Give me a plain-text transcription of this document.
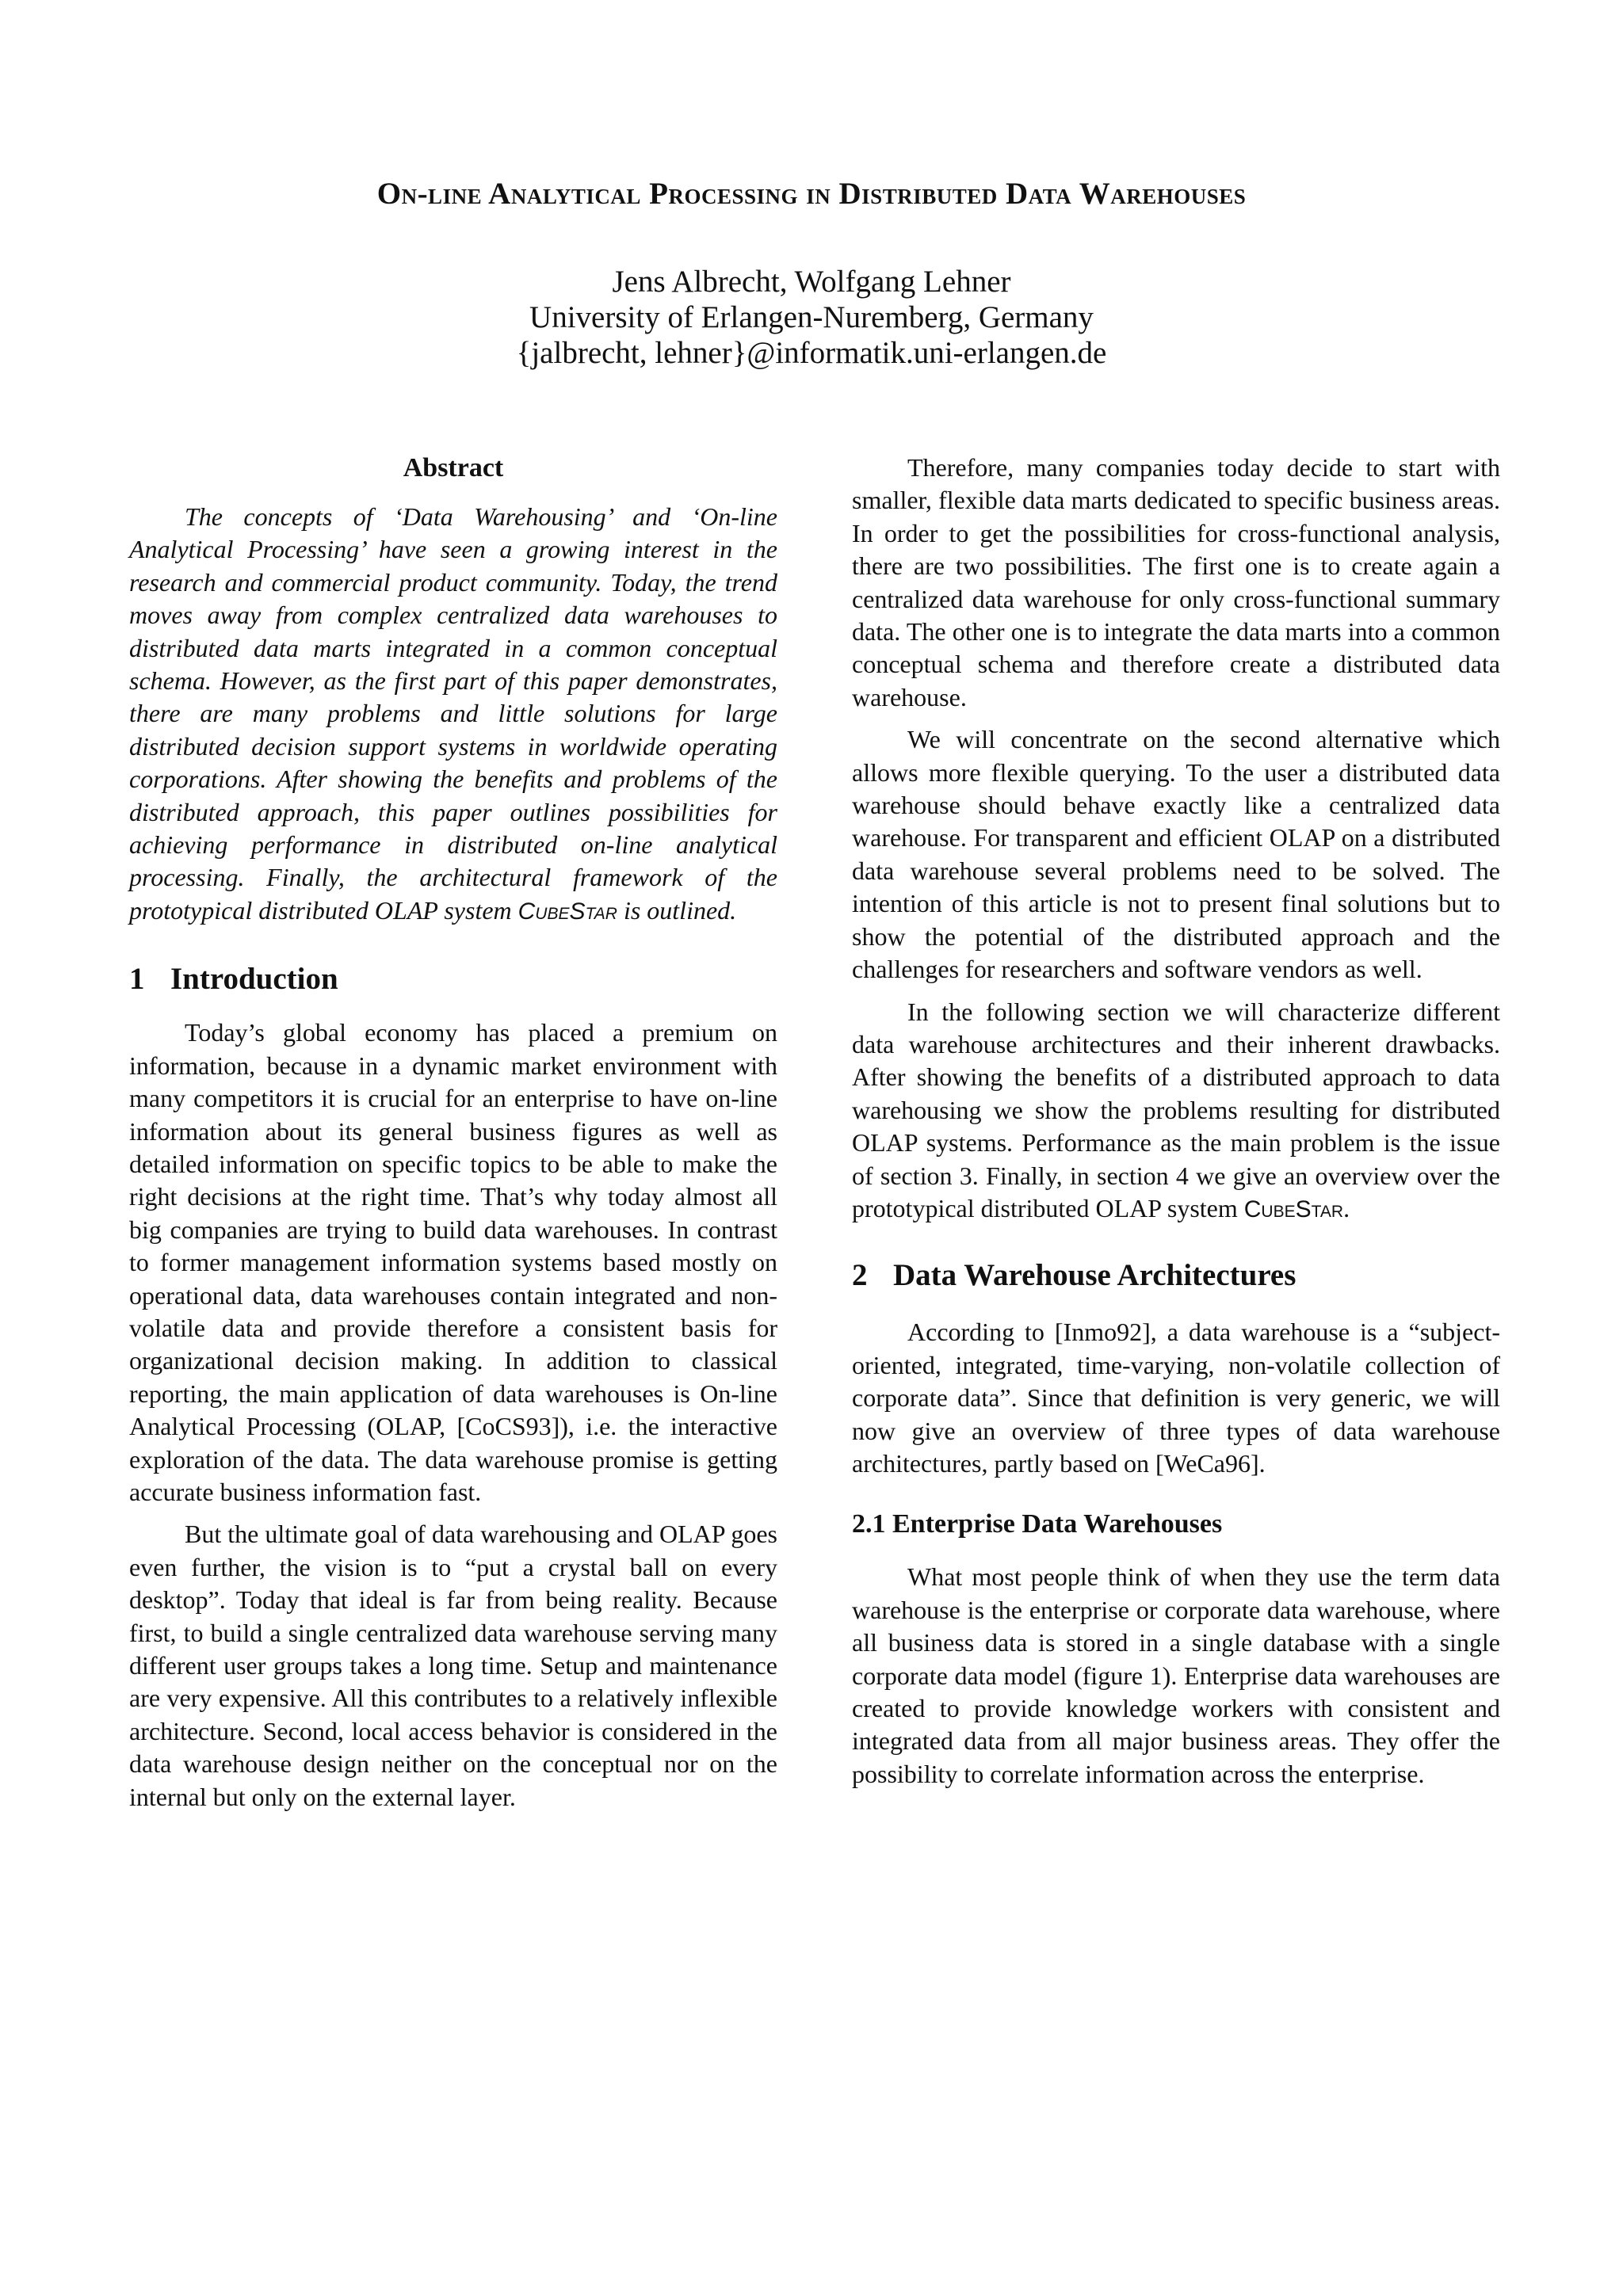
On-line Analytical Processing in Distributed Data Warehouses
Jens Albrecht, Wolfgang Lehner
University of Erlangen-Nuremberg, Germany
{jalbrecht, lehner}@informatik.uni-erlangen.de
Abstract

The concepts of ‘Data Warehousing’ and ‘On-line Analytical Processing’ have seen a growing interest in the research and commercial product community. Today, the trend moves away from complex centralized data warehouses to distributed data marts integrated in a common conceptual schema. However, as the first part of this paper demonstrates, there are many problems and little solutions for large distributed decision support systems in worldwide operating corporations. After showing the benefits and problems of the distributed approach, this paper outlines possibilities for achieving performance in distributed on-line analytical processing. Finally, the architectural framework of the prototypical distributed OLAP system CubeStar is outlined.

1 Introduction

Today’s global economy has placed a premium on information, because in a dynamic market environment with many competitors it is crucial for an enterprise to have on-line information about its general business figures as well as detailed information on specific topics to be able to make the right decisions at the right time. That’s why today almost all big companies are trying to build data warehouses. In contrast to former management information systems based mostly on operational data, data warehouses contain integrated and non-volatile data and provide therefore a consistent basis for organizational decision making. In addition to classical reporting, the main application of data warehouses is On-line Analytical Processing (OLAP, [CoCS93]), i.e. the interactive exploration of the data. The data warehouse promise is getting accurate business information fast.

But the ultimate goal of data warehousing and OLAP goes even further, the vision is to “put a crystal ball on every desktop”. Today that ideal is far from being reality. Because first, to build a single centralized data warehouse serving many different user groups takes a long time. Setup and maintenance are very expensive. All this contributes to a relatively inflexible architecture. Second, local access behavior is considered in the data warehouse design neither on the conceptual nor on the internal but only on the external layer.

Therefore, many companies today decide to start with smaller, flexible data marts dedicated to specific business areas. In order to get the possibilities for cross-functional analysis, there are two possibilities. The first one is to create again a centralized data warehouse for only cross-functional summary data. The other one is to integrate the data marts into a common conceptual schema and therefore create a distributed data warehouse.

We will concentrate on the second alternative which allows more flexible querying. To the user a distributed data warehouse should behave exactly like a centralized data warehouse. For transparent and efficient OLAP on a distributed data warehouse several problems need to be solved. The intention of this article is not to present final solutions but to show the potential of the distributed approach and the challenges for researchers and software vendors as well.

In the following section we will characterize different data warehouse architectures and their inherent drawbacks. After showing the benefits of a distributed approach to data warehousing we show the problems resulting for distributed OLAP systems. Performance as the main problem is the issue of section 3. Finally, in section 4 we give an overview over the prototypical distributed OLAP system CubeStar.

2 Data Warehouse Architectures

According to [Inmo92], a data warehouse is a “subject-oriented, integrated, time-varying, non-volatile collection of corporate data”. Since that definition is very generic, we will now give an overview of three types of data warehouse architectures, partly based on [WeCa96].

2.1 Enterprise Data Warehouses

What most people think of when they use the term data warehouse is the enterprise or corporate data warehouse, where all business data is stored in a single database with a single corporate data model (figure 1). Enterprise data warehouses are created to provide knowledge workers with consistent and integrated data from all major business areas. They offer the possibility to correlate information across the enterprise.
